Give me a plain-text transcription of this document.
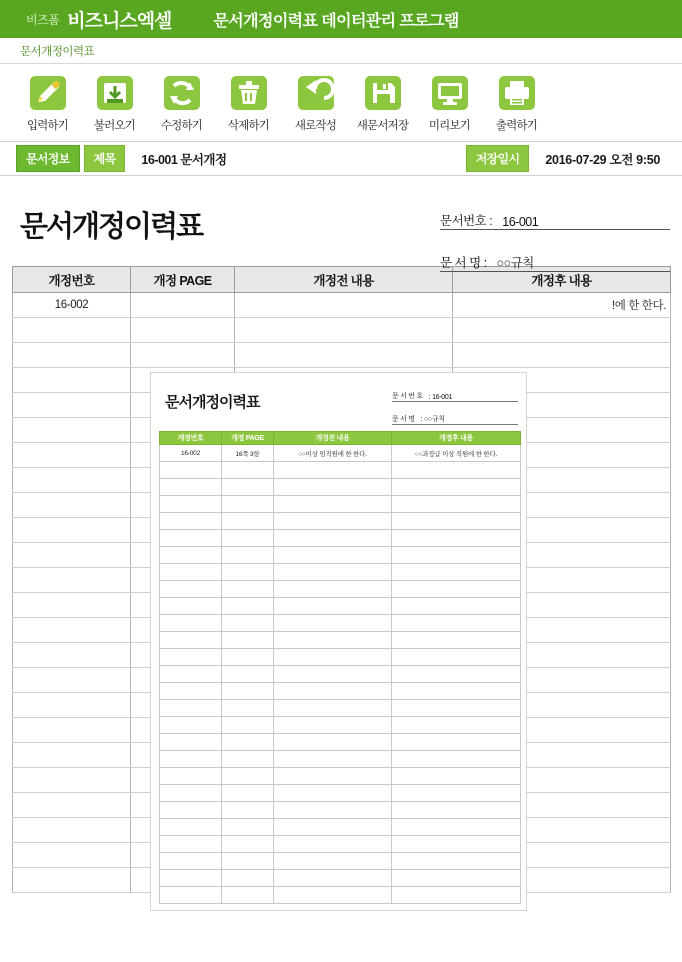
비즈폼 비즈니스엑셀	문서개정이력표 데이터관리 프로그램
문서개정이력표
입력하기 불러오기 수정하기 삭제하기 새로작성 새문서저장 미리보기 출력하기
문서정보	제목	16-001 문서개정	저장일시	2016-07-29 오전 9:50
문서개정이력표	문서번호 : 16-001
문 서 명 : ○○규칙
개정번호	개정 PAGE	개정전 내용	개정후 내용
16-002			!에 한 한다.

문서개정이력표	문 서 번 호 : 16-001
문 서 명 : ○○규칙
개정번호	개정 PAGE	개정전 내용	개정후 내용
16-002	16쪽 3항	○○이상 임직원에 한 한다.	○○과장급 이상 직원에 한 한다.
